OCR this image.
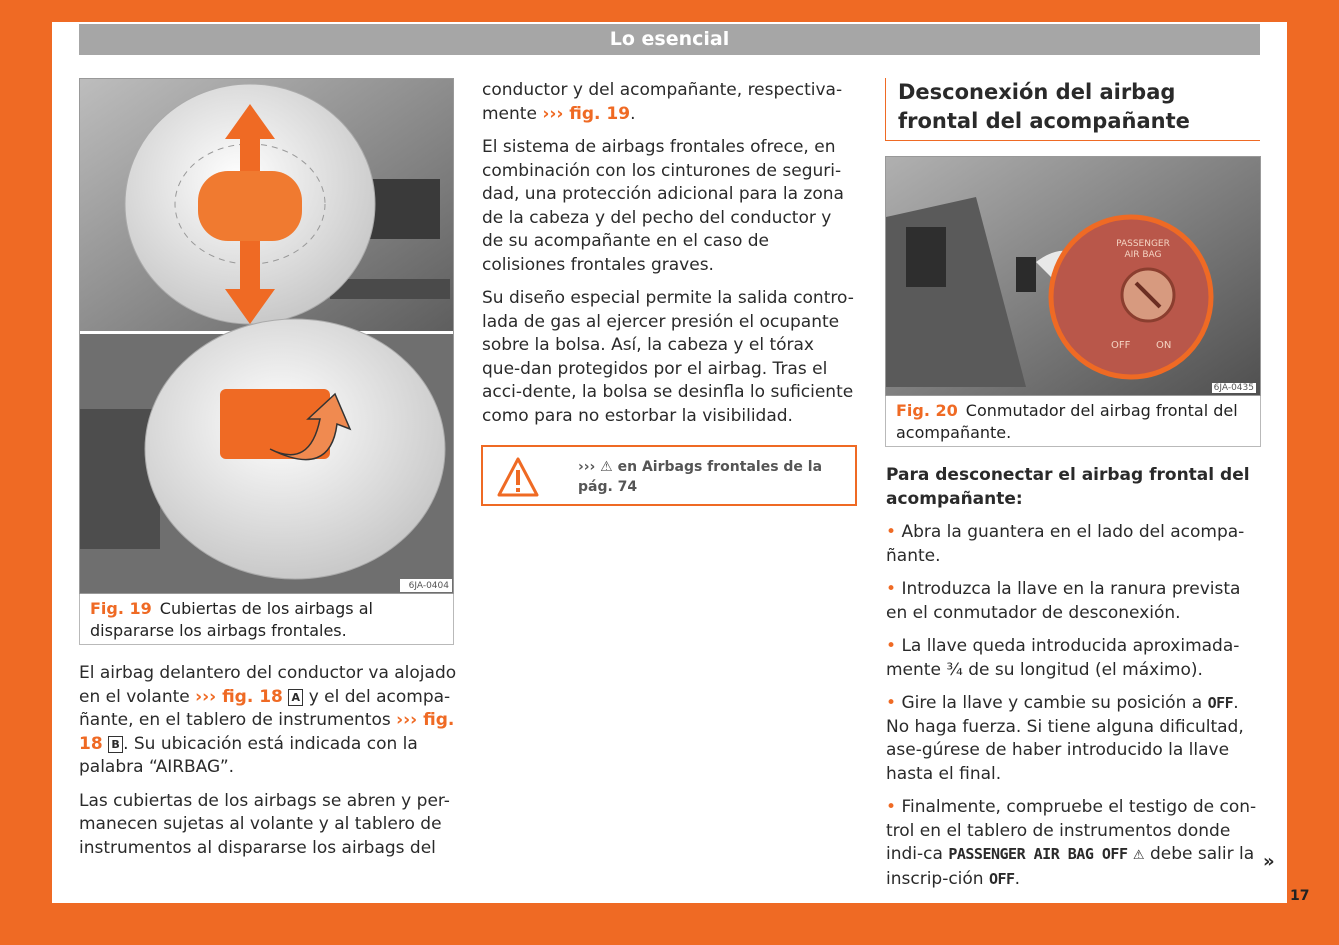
Lo esencial
6JA-0404
Fig. 19 Cubiertas de los airbags al dispararse los airbags frontales.

El airbag delantero del conductor va alojado en el volante ››› fig. 18 A y el del acompa-ñante, en el tablero de instrumentos ››› fig. 18 B . Su ubicación está indicada con la palabra “AIRBAG”.

Las cubiertas de los airbags se abren y per-manecen sujetas al volante y al tablero de instrumentos al dispararse los airbags del

conductor y del acompañante, respectiva-mente ››› fig. 19.

El sistema de airbags frontales ofrece, en combinación con los cinturones de seguri-dad, una protección adicional para la zona de la cabeza y del pecho del conductor y de su acompañante en el caso de colisiones frontales graves.

Su diseño especial permite la salida contro-lada de gas al ejercer presión el ocupante sobre la bolsa. Así, la cabeza y el tórax que-dan protegidos por el airbag. Tras el acci-dente, la bolsa se desinfla lo suficiente como para no estorbar la visibilidad.

››› ⚠ en Airbags frontales de la pág. 74
Desconexión del airbag frontal del acompañante
PASSENGER AIR BAG
OFF	ON
6JA-0435
Fig. 20 Conmutador del airbag frontal del acompañante.

Para desconectar el airbag frontal del acompañante:

• Abra la guantera en el lado del acompa-ñante.

• Introduzca la llave en la ranura prevista en el conmutador de desconexión.

• La llave queda introducida aproximada-mente ¾ de su longitud (el máximo).

• Gire la llave y cambie su posición a OFF. No haga fuerza. Si tiene alguna dificultad, ase-gúrese de haber introducido la llave hasta el final.

• Finalmente, compruebe el testigo de con-trol en el tablero de instrumentos donde indi-ca PASSENGER AIR BAG OFF ⚠ debe salir la inscrip-ción OFF.

»
17
